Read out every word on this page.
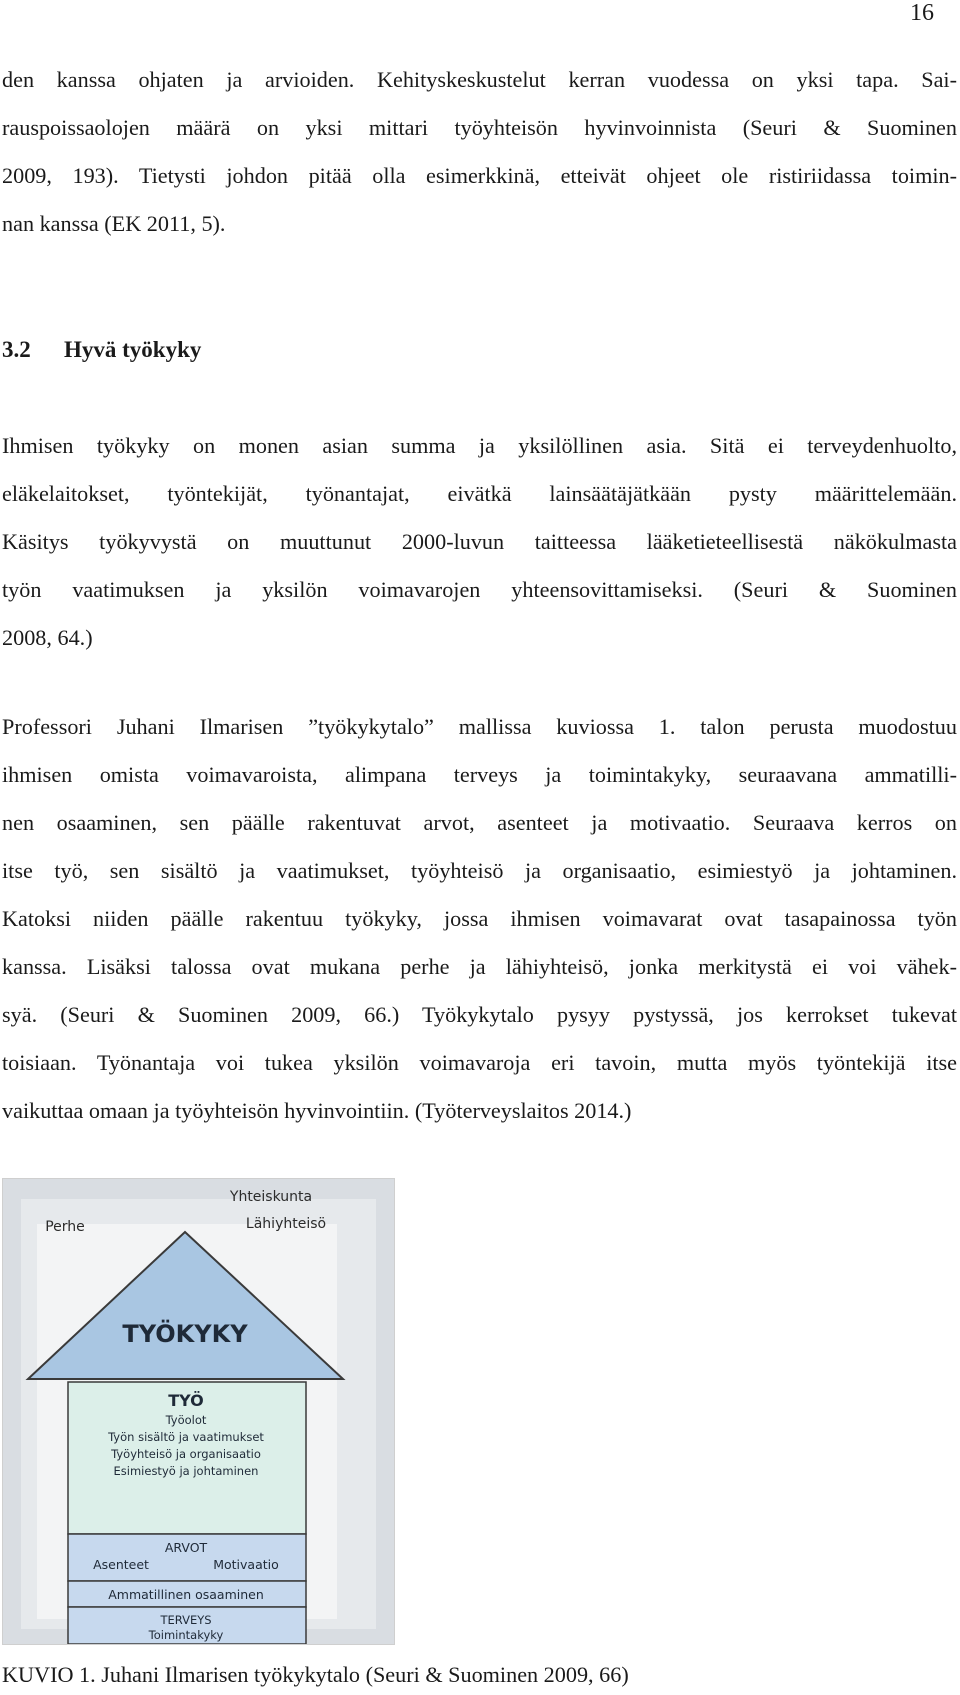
16
den kanssa ohjaten ja arvioiden. Kehityskeskustelut kerran vuodessa on yksi tapa. Sai-
rauspoissaolojen määrä on yksi mittari työyhteisön hyvinvoinnista (Seuri & Suominen
2009, 193). Tietysti johdon pitää olla esimerkkinä, etteivät ohjeet ole ristiriidassa toimin-
nan kanssa (EK 2011, 5).
3.2 Hyvä työkyky
Ihmisen työkyky on monen asian summa ja yksilöllinen asia. Sitä ei terveydenhuolto,
eläkelaitokset, työntekijät, työnantajat, eivätkä lainsäätäjätkään pysty määrittelemään.
Käsitys työkyvystä on muuttunut 2000-luvun taitteessa lääketieteellisestä näkökulmasta
työn vaatimuksen ja yksilön voimavarojen yhteensovittamiseksi. (Seuri & Suominen
2008, 64.)
Professori Juhani Ilmarisen ”työkykytalo” mallissa kuviossa 1. talon perusta muodostuu
ihmisen omista voimavaroista, alimpana terveys ja toimintakyky, seuraavana ammatilli-
nen osaaminen, sen päälle rakentuvat arvot, asenteet ja motivaatio. Seuraava kerros on
itse työ, sen sisältö ja vaatimukset, työyhteisö ja organisaatio, esimiestyö ja johtaminen.
Katoksi niiden päälle rakentuu työkyky, jossa ihmisen voimavarat ovat tasapainossa työn
kanssa. Lisäksi talossa ovat mukana perhe ja lähiyhteisö, jonka merkitystä ei voi vähek-
syä. (Seuri & Suominen 2009, 66.) Työkykytalo pysyy pystyssä, jos kerrokset tukevat
toisiaan. Työnantaja voi tukea yksilön voimavaroja eri tavoin, mutta myös työntekijä itse
vaikuttaa omaan ja työyhteisön hyvinvointiin. (Työterveyslaitos 2014.)
Yhteiskunta
Lähiyhteisö
Perhe
TYÖKYKY
TYÖ
Työolot
Työn sisältö ja vaatimukset
Työyhteisö ja organisaatio
Esimiestyö ja johtaminen
ARVOT
Asenteet	Motivaatio
Ammatillinen osaaminen
TERVEYS
Toimintakyky
KUVIO 1. Juhani Ilmarisen työkykytalo (Seuri & Suominen 2009, 66)
